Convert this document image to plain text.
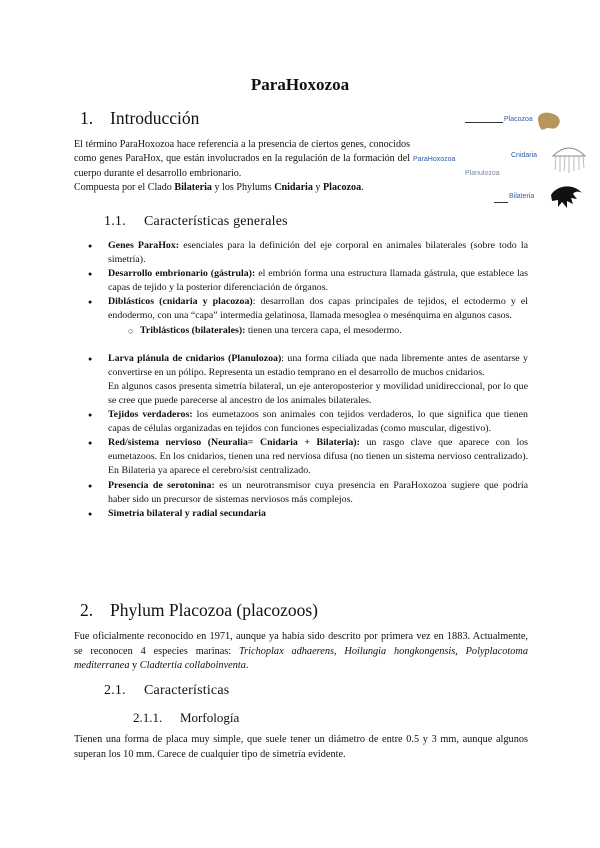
ParaHoxozoa
1. Introducción
El término ParaHoxozoa hace referencia a la presencia de ciertos genes, conocidos como genes ParaHox, que están involucrados en la regulación de la formación del cuerpo durante el desarrollo embrionario.
Compuesta por el Clado Bilateria y los Phylums Cnidaria y Placozoa.
Placozoa
Cnidaria
ParaHoxozoa
Planulozoa
Bilateria
1.1. Características generales
● Genes ParaHox: esenciales para la definición del eje corporal en animales bilaterales (sobre todo la simetría).
● Desarrollo embrionario (gástrula): el embrión forma una estructura llamada gástrula, que establece las capas de tejido y la posterior diferenciación de órganos.
● Diblásticos (cnidaria y placozoa): desarrollan dos capas principales de tejidos, el ectodermo y el endodermo, con una “capa” intermedia gelatinosa, llamada mesoglea o mesénquima en algunos casos.
○ Triblásticos (bilaterales): tienen una tercera capa, el mesodermo.
● Larva plánula de cnidarios (Planulozoa): una forma ciliada que nada libremente antes de asentarse y convertirse en un pólipo. Representa un estadio temprano en el desarrollo de muchos cnidarios.
En algunos casos presenta simetría bilateral, un eje anteroposterior y movilidad unidireccional, por lo que se cree que puede parecerse al ancestro de los animales bilaterales.
● Tejidos verdaderos: los eumetazoos son animales con tejidos verdaderos, lo que significa que tienen capas de células organizadas en tejidos con funciones especializadas (como muscular, digestivo).
● Red/sistema nervioso (Neuralia= Cnidaria + Bilateria): un rasgo clave que aparece con los eumetazoos. En los cnidarios, tienen una red nerviosa difusa (no tienen un sistema nervioso centralizado). En Bilateria ya aparece el cerebro/sist centralizado.
● Presencia de serotonina: es un neurotransmisor cuya presencia en ParaHoxozoa sugiere que podría haber sido un precursor de sistemas nerviosos más complejos.
● Simetría bilateral y radial secundaria
2. Phylum Placozoa (placozoos)
Fue oficialmente reconocido en 1971, aunque ya había sido descrito por primera vez en 1883. Actualmente, se reconocen 4 especies marinas: Trichoplax adhaerens, Hoilungia hongkongensis, Polyplacotoma mediterranea y Cladtertia collaboinventa.
2.1. Características
2.1.1. Morfología
Tienen una forma de placa muy simple, que suele tener un diámetro de entre 0.5 y 3 mm, aunque algunos superan los 10 mm. Carece de cualquier tipo de simetría evidente.
